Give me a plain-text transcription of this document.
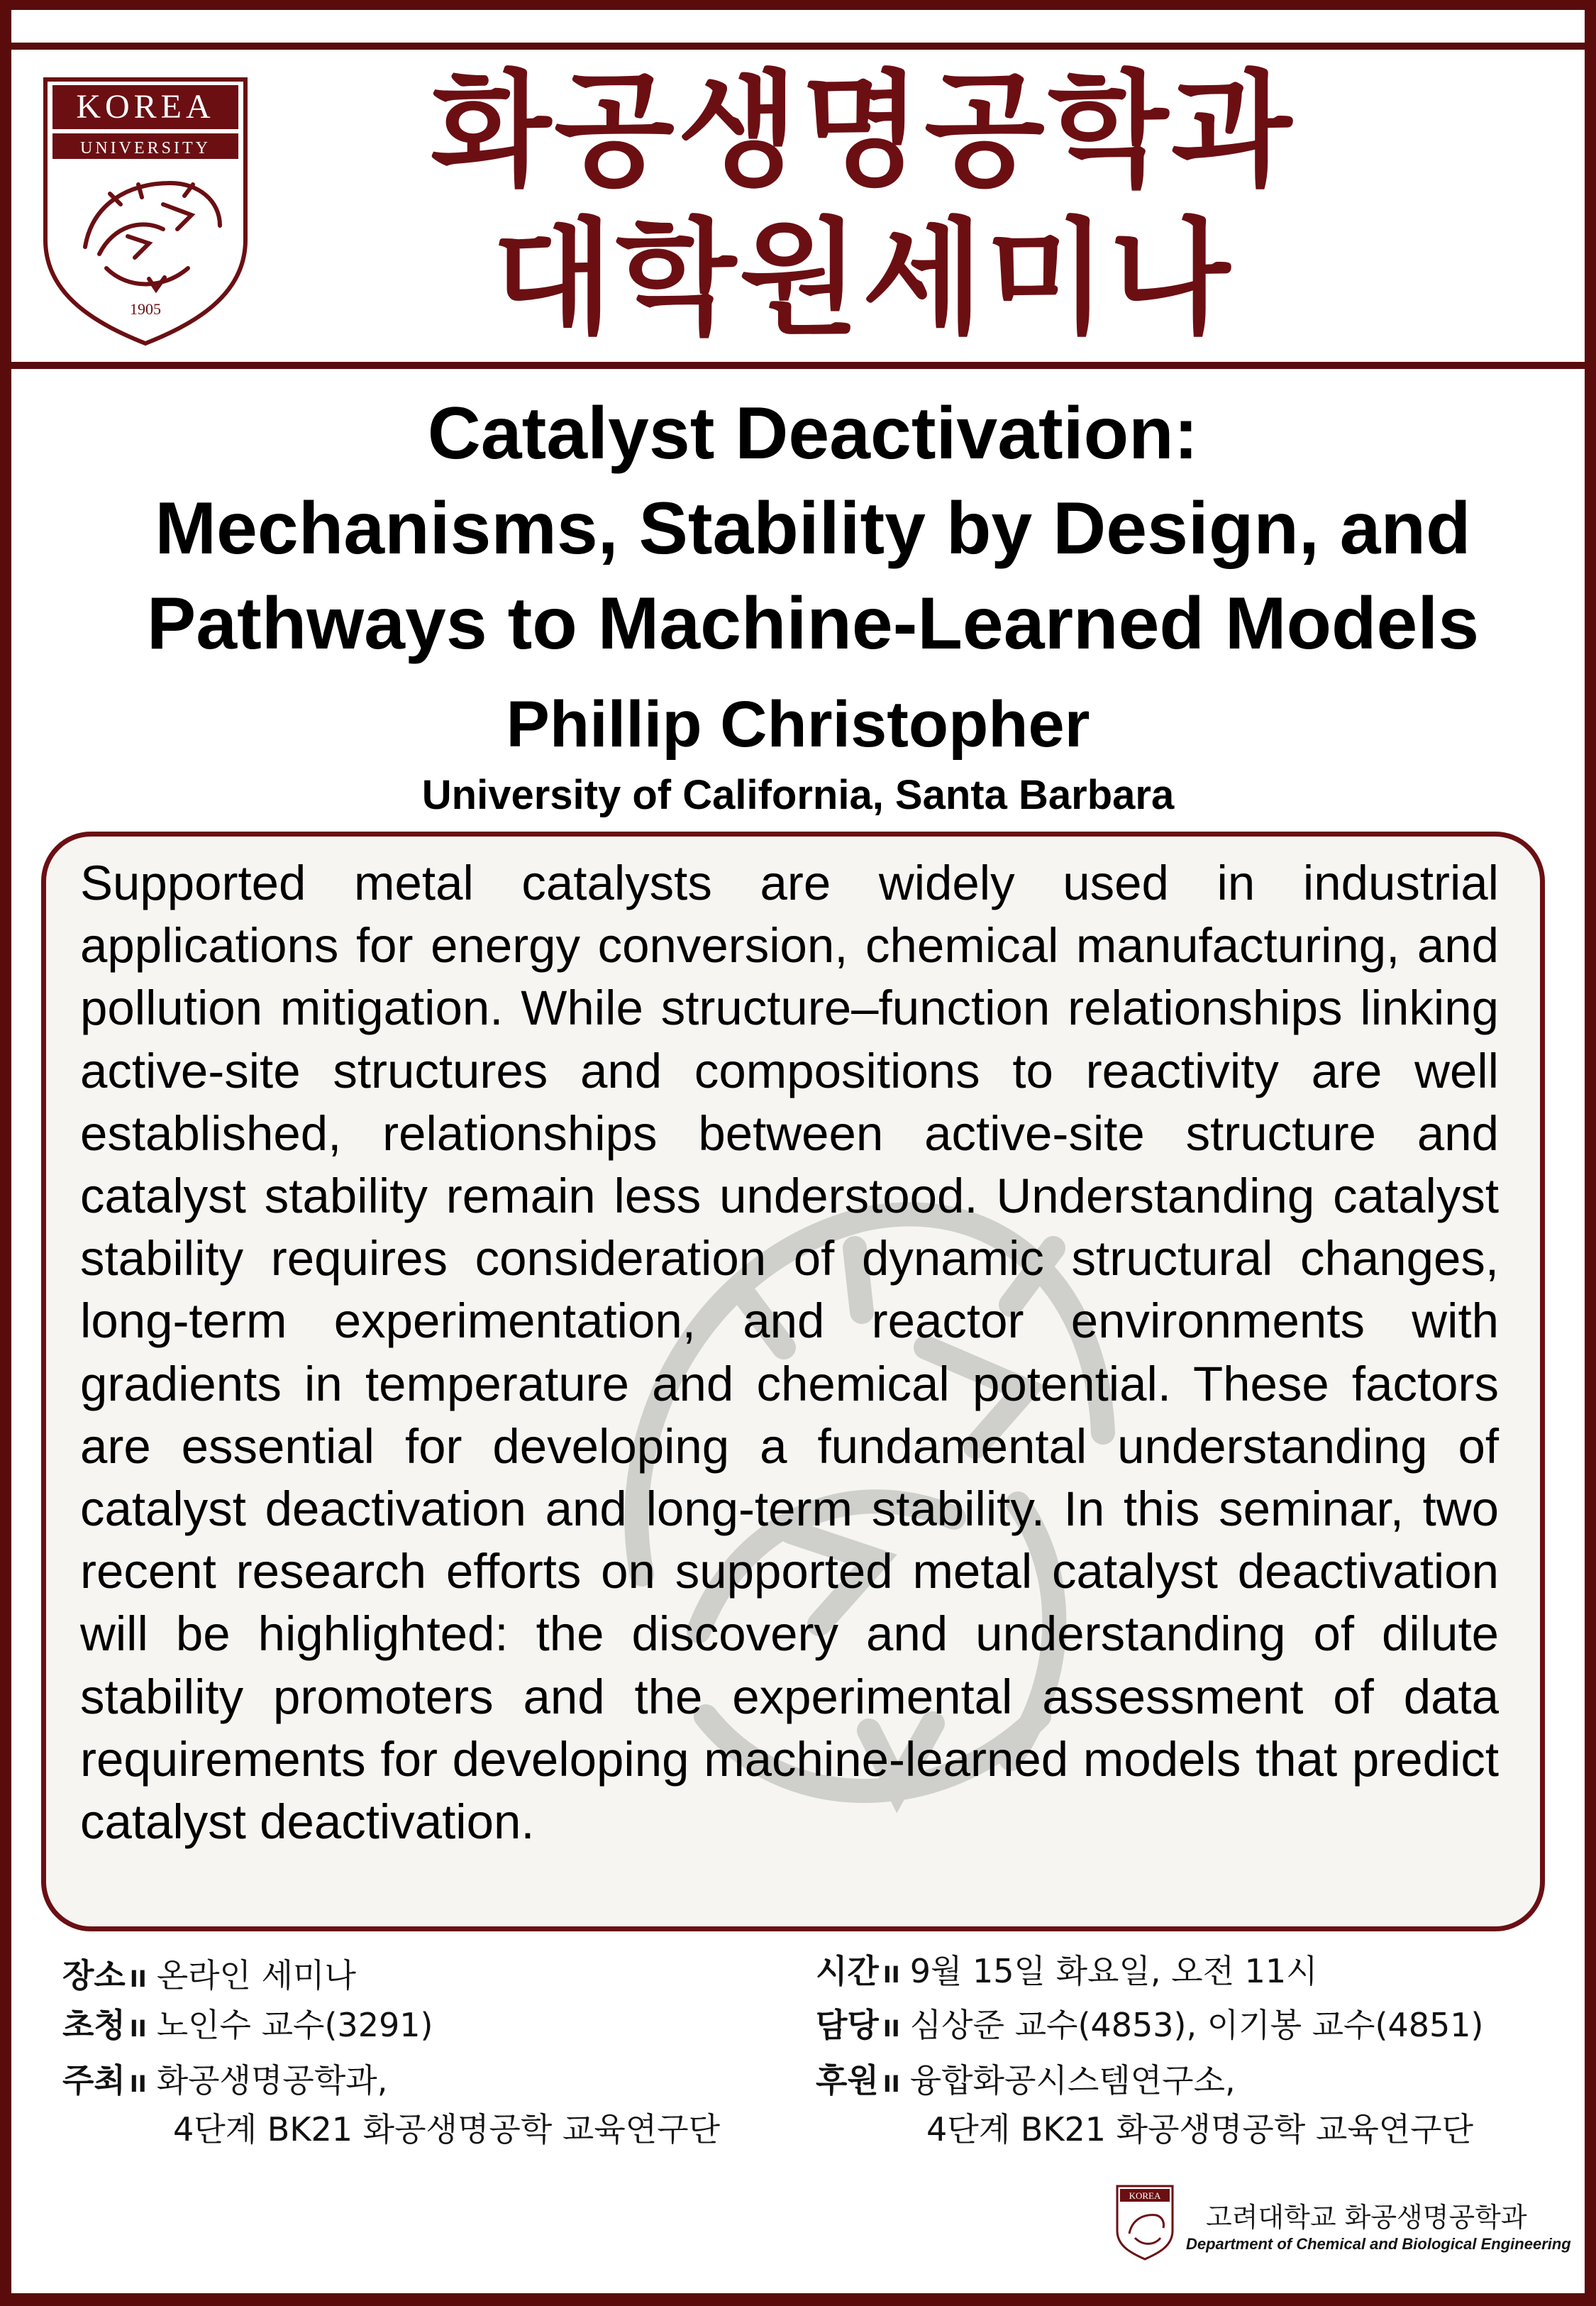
KOREA
UNIVERSITY
1905
화공생명공학과
대학원세미나
Catalyst Deactivation:
Mechanisms, Stability by Design, and
Pathways to Machine-Learned Models
Phillip Christopher
University of California, Santa Barbara
Supported metal catalysts are widely used in industrial applications for energy conversion, chemical manufacturing, and pollution mitigation. While structure–function relationships linking active-site structures and compositions to reactivity are well established, relationships between active-site structure and catalyst stability remain less understood. Understanding catalyst stability requires consideration of dynamic structural changes, long-term experimentation, and reactor environments with gradients in temperature and chemical potential. These factors are essential for developing a fundamental understanding of catalyst deactivation and long-term stability. In this seminar, two recent research efforts on supported metal catalyst deactivation will be highlighted: the discovery and understanding of dilute stability promoters and the experimental assessment of data requirements for developing machine-learned models that predict catalyst deactivation.
장소 II 온라인 세미나
초청 II 노인수 교수(3291)
주최 II 화공생명공학과,
4단계 BK21 화공생명공학 교육연구단
시간 II 9월 15일 화요일, 오전 11시
담당 II 심상준 교수(4853), 이기봉 교수(4851)
후원 II 융합화공시스템연구소,
4단계 BK21 화공생명공학 교육연구단
KOREA
고려대학교 화공생명공학과
Department of Chemical and Biological Engineering
